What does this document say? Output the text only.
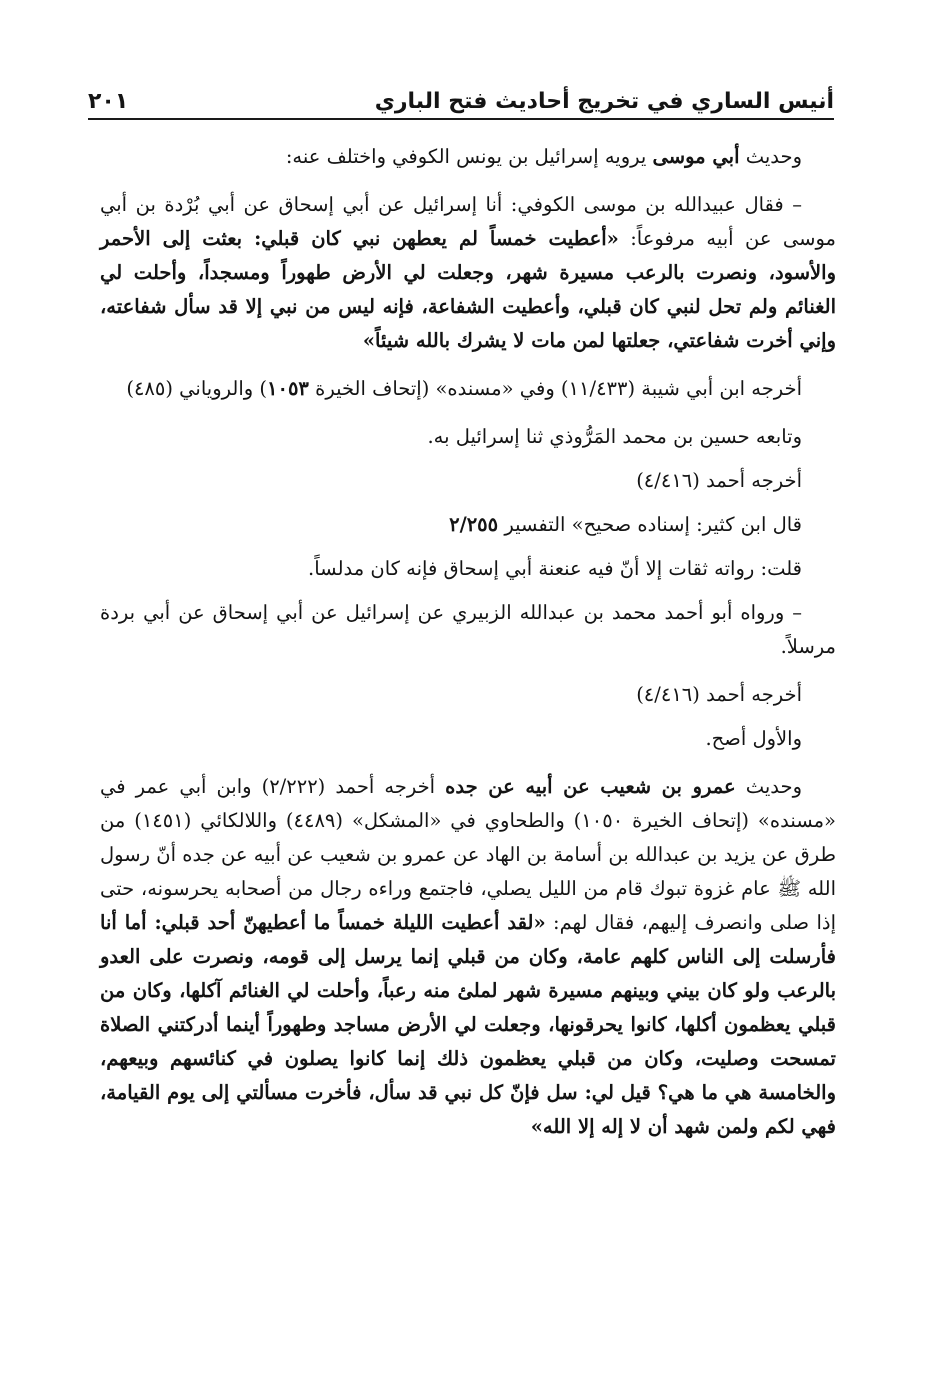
أنيس الساري في تخريج أحاديث فتح الباري
٢٠١

وحديث أبي موسى يرويه إسرائيل بن يونس الكوفي واختلف عنه:

– فقال عبيدالله بن موسى الكوفي: أنا إسرائيل عن أبي إسحاق عن أبي بُرْدة بن أبي موسى عن أبيه مرفوعاً: «أعطيت خمساً لم يعطهن نبي كان قبلي: بعثت إلى الأحمر والأسود، ونصرت بالرعب مسيرة شهر، وجعلت لي الأرض طهوراً ومسجداً، وأحلت لي الغنائم ولم تحل لنبي كان قبلي، وأعطيت الشفاعة، فإنه ليس من نبي إلا قد سأل شفاعته، وإني أخرت شفاعتي، جعلتها لمن مات لا يشرك بالله شيئاً»

أخرجه ابن أبي شيبة (١١/٤٣٣) وفي «مسنده» (إتحاف الخيرة ١٠٥٣) والروياني (٤٨٥)

وتابعه حسين بن محمد المَرُّوذي ثنا إسرائيل به.

أخرجه أحمد (٤/٤١٦)

قال ابن كثير: إسناده صحيح» التفسير ٢/٢٥٥

قلت: رواته ثقات إلا أنّ فيه عنعنة أبي إسحاق فإنه كان مدلساً.

– ورواه أبو أحمد محمد بن عبدالله الزبيري عن إسرائيل عن أبي إسحاق عن أبي بردة مرسلاً.

أخرجه أحمد (٤/٤١٦)

والأول أصح.

وحديث عمرو بن شعيب عن أبيه عن جده أخرجه أحمد (٢/٢٢٢) وابن أبي عمر في «مسنده» (إتحاف الخيرة ١٠٥٠) والطحاوي في «المشكل» (٤٤٨٩) واللالكائي (١٤٥١) من طرق عن يزيد بن عبدالله بن أسامة بن الهاد عن عمرو بن شعيب عن أبيه عن جده أنّ رسول الله ﷺ عام غزوة تبوك قام من الليل يصلي، فاجتمع وراءه رجال من أصحابه يحرسونه، حتى إذا صلى وانصرف إليهم، فقال لهم: «لقد أعطيت الليلة خمساً ما أعطيهنّ أحد قبلي: أما أنا فأرسلت إلى الناس كلهم عامة، وكان من قبلي إنما يرسل إلى قومه، ونصرت على العدو بالرعب ولو كان بيني وبينهم مسيرة شهر لملئ منه رعباً، وأحلت لي الغنائم آكلها، وكان من قبلي يعظمون أكلها، كانوا يحرقونها، وجعلت لي الأرض مساجد وطهوراً أينما أدركتني الصلاة تمسحت وصليت، وكان من قبلي يعظمون ذلك إنما كانوا يصلون في كنائسهم وبيعهم، والخامسة هي ما هي؟ قيل لي: سل فإنّ كل نبي قد سأل، فأخرت مسألتي إلى يوم القيامة، فهي لكم ولمن شهد أن لا إله إلا الله»
